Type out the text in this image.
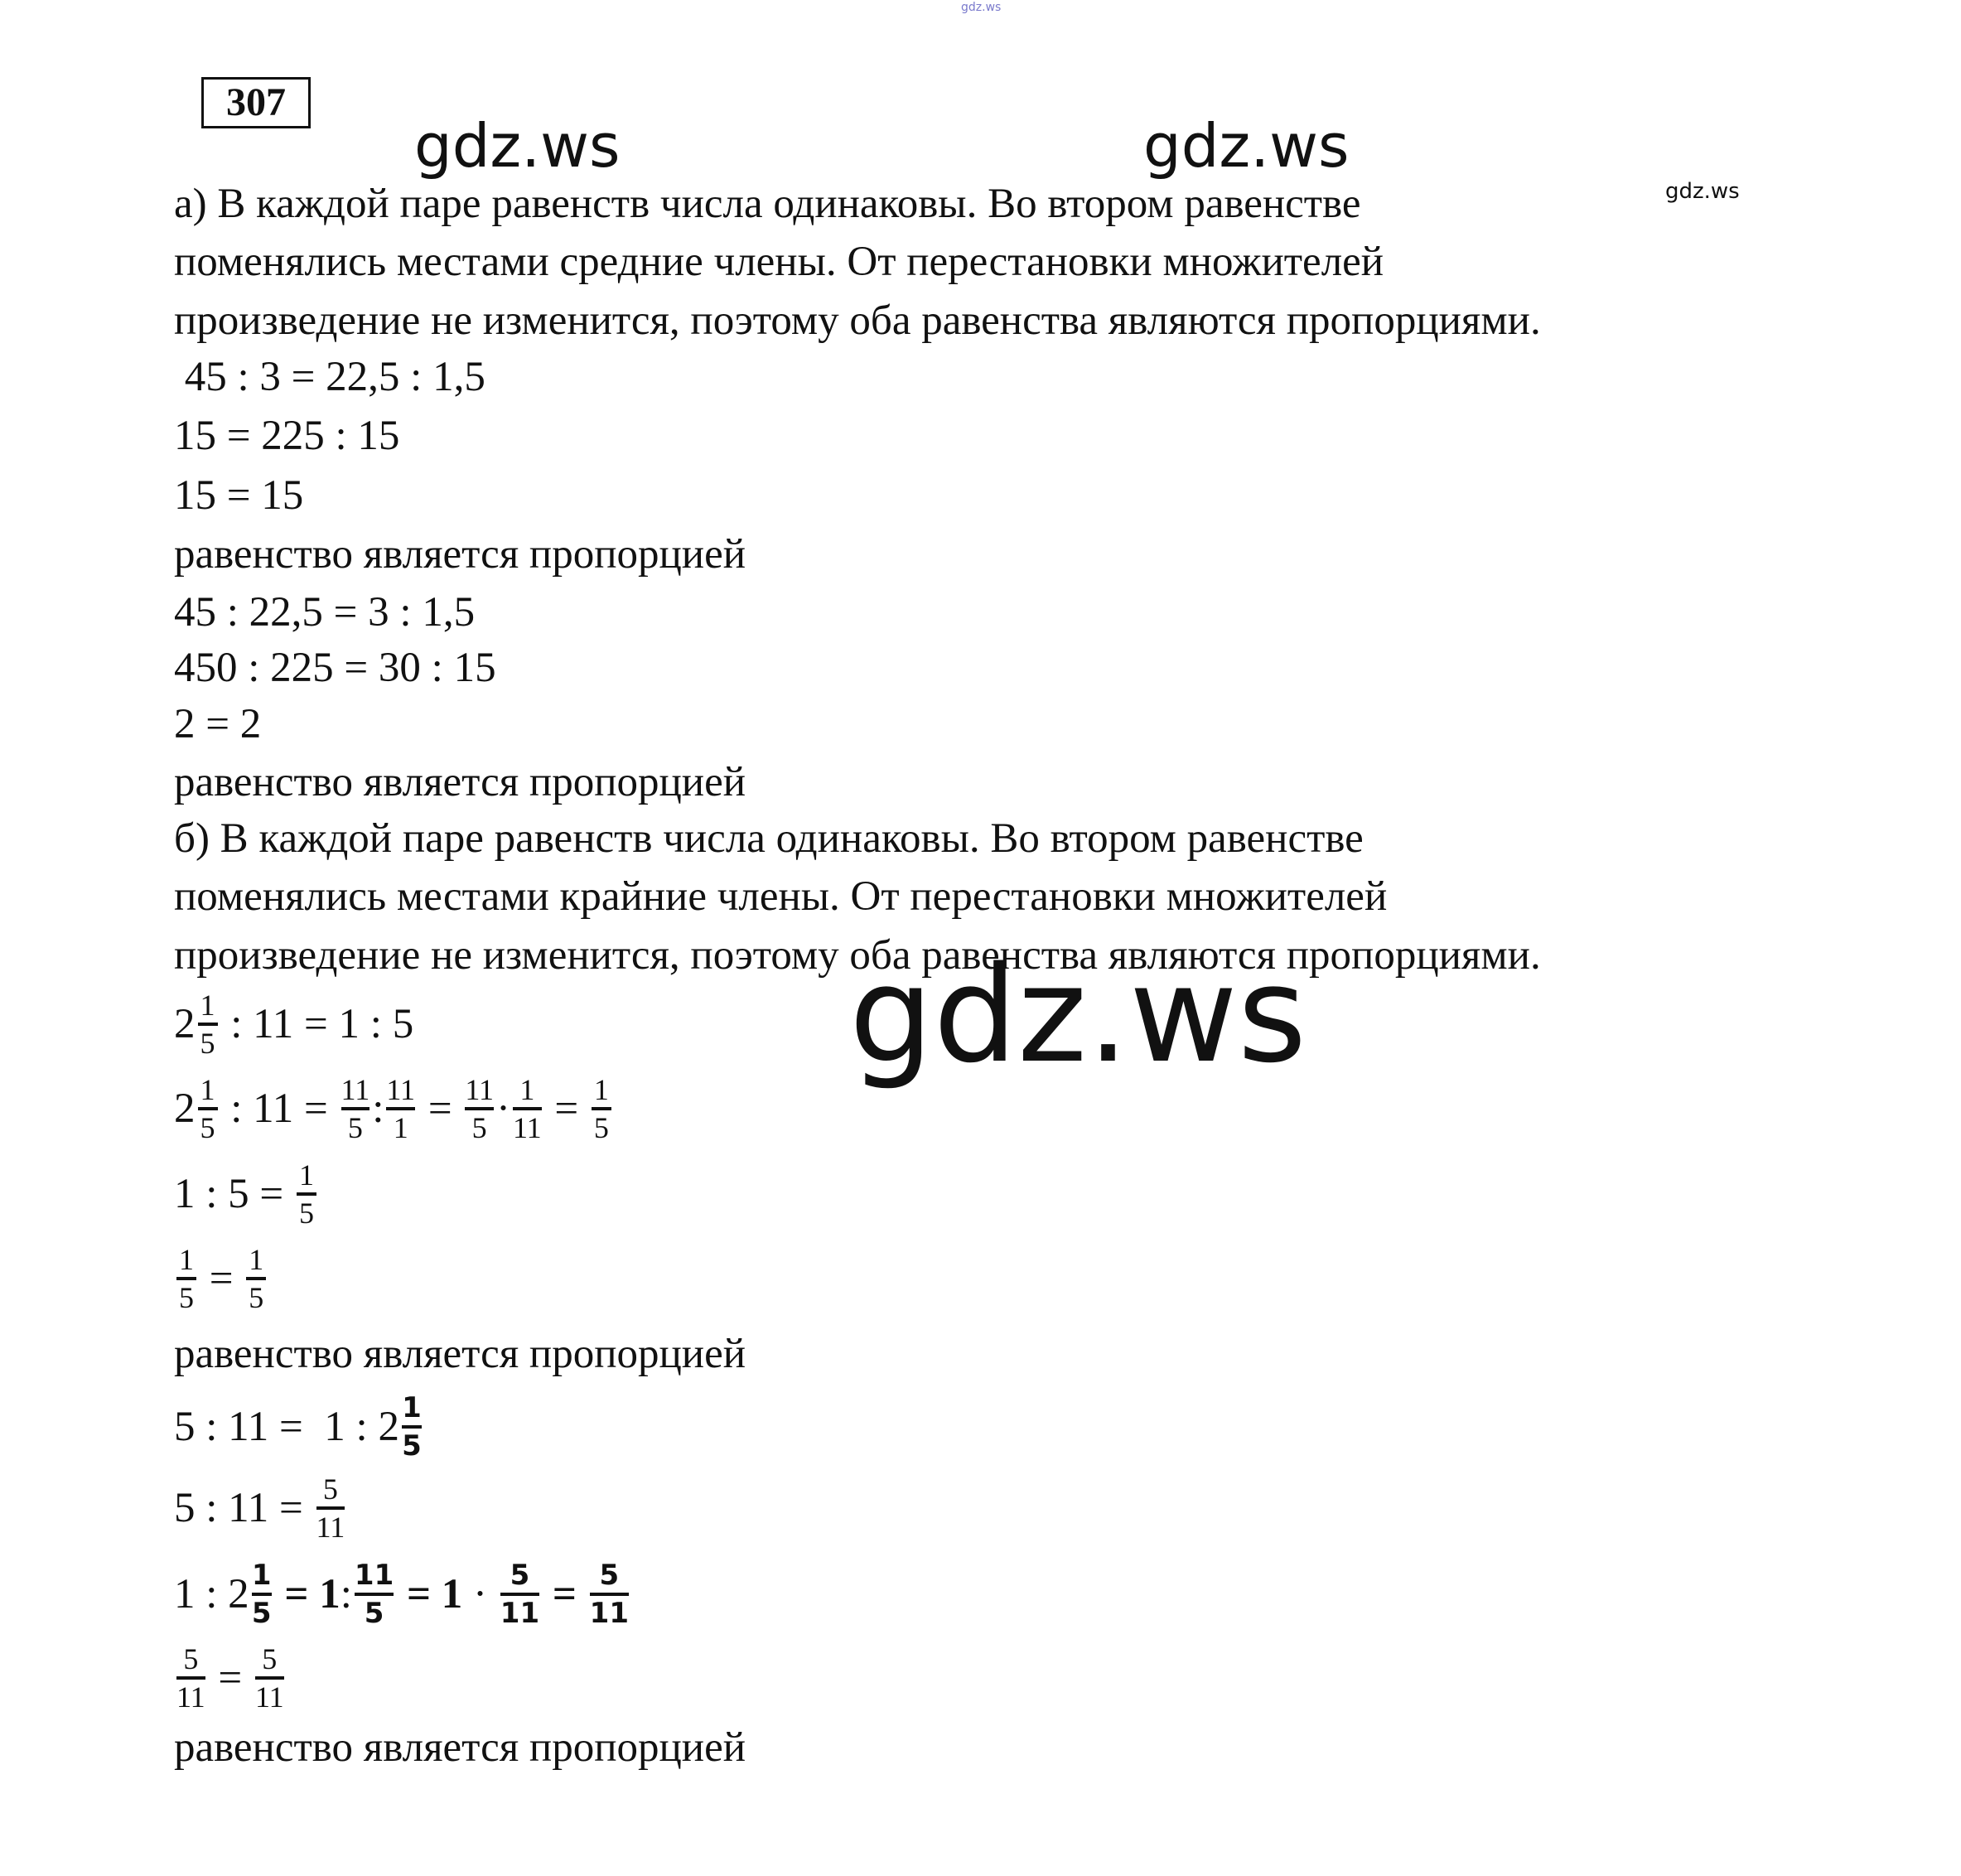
307
gdz.ws
gdz.ws	gdz.ws
gdz.ws
а) В каждой паре равенств числа одинаковы. Во втором равенстве
поменялись местами средние члены. От перестановки множителей
произведение не изменится, поэтому оба равенства являются пропорциями.
45 : 3 = 22,5 : 1,5
15 = 225 : 15
15 = 15
равенство является пропорцией
45 : 22,5 = 3 : 1,5
450 : 225 = 30 : 15
2 = 2
равенство является пропорцией
б) В каждой паре равенств числа одинаковы. Во втором равенстве
поменялись местами крайние члены. От перестановки множителей
произведение не изменится, поэтому оба равенства являются пропорциями.
gdz.ws
$2 \frac{1}{5}$ : 11 = 1 : 5
$2 \frac{1}{5}$ : $11 = \frac{11}{5}$ : $\frac{11}{1} = \frac{11}{5} \cdot \frac{1}{11} = \frac{1}{5}$
1 : $5 = \frac{1}{5}$
$\frac{1}{5} = \frac{1}{5}$
равенство является пропорцией
5 : 11 =  1 : $2 \frac{1}{5}$
5 : $11 = \frac{5}{11}$
1 : $2 \frac{1}{5} = 1$ : $\frac{11}{5} = 1 \cdot \frac{5}{11} = \frac{5}{11}$
$\frac{5}{11} = \frac{5}{11}$
равенство является пропорцией
